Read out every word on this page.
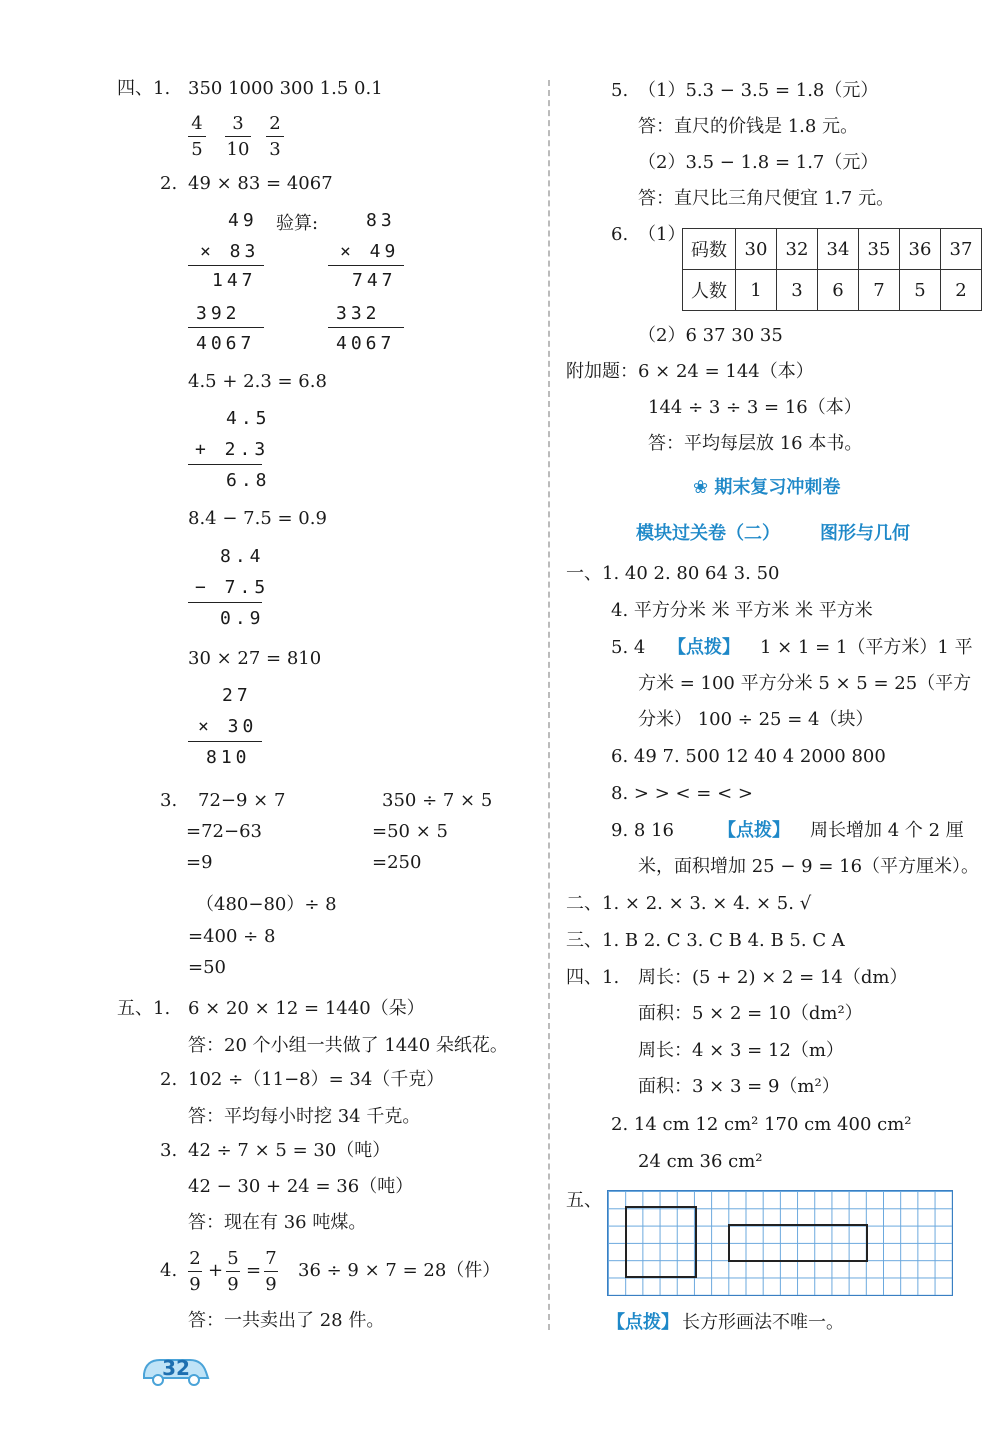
四、1. 350 1000 300 1.5 0.1
4
5
3
10
2
3
2. 49 × 83 = 4067
49 验算:
× 83
147
392
4067
83
× 49
747
332
4067
4.5 + 2.3 = 6.8
4.5
+ 2.3
6.8
8.4 − 7.5 = 0.9
8.4
− 7.5
0.9
30 × 27 = 810
27
× 30
810
3. 72−9 × 7
=72−63
=9
350 ÷ 7 × 5
=50 × 5
=250
（480−80）÷ 8
=400 ÷ 8
=50
五、1. 6 × 20 × 12 = 1440（朵）
答：20 个小组一共做了 1440 朵纸花。
2. 102 ÷（11−8）= 34（千克）
答：平均每小时挖 34 千克。
3. 42 ÷ 7 × 5 = 30（吨）
42 − 30 + 24 = 36（吨）
答：现在有 36 吨煤。
4.
2
9
+
5
9
=
7
9
36 ÷ 9 × 7 = 28（件）
答：一共卖出了 28 件。
32
5. （1）5.3 − 3.5 = 1.8（元）
答：直尺的价钱是 1.8 元。
（2）3.5 − 1.8 = 1.7（元）
答：直尺比三角尺便宜 1.7 元。
6. （1）
码数	30	32	34	35	36	37
人数	1	3	6	7	5	2
（2）6 37 30 35
附加题： 6 × 24 = 144（本）
144 ÷ 3 ÷ 3 = 16（本）
答：平均每层放 16 本书。
❀ 期末复习冲刺卷
模块过关卷（二） 图形与几何
一、1. 40 2. 80 64 3. 50
4. 平方分米 米 平方米 米 平方米
5. 4 【点拨】 1 × 1 = 1（平方米）1 平
方米 = 100 平方分米 5 × 5 = 25（平方
分米） 100 ÷ 25 = 4（块）
6. 49 7. 500 12 40 4 2000 800
8. > > < = < >
9. 8 16 【点拨】 周长增加 4 个 2 厘
米，面积增加 25 − 9 = 16（平方厘米）。
二、1. × 2. × 3. × 4. × 5. √
三、1. B 2. C 3. C B 4. B 5. C A
四、1. 周长：(5 + 2) × 2 = 14（dm）
面积：5 × 2 = 10（dm²）
周长：4 × 3 = 12（m）
面积：3 × 3 = 9（m²）
2. 14 cm 12 cm² 170 cm 400 cm²
24 cm 36 cm²
五、
【点拨】 长方形画法不唯一。
